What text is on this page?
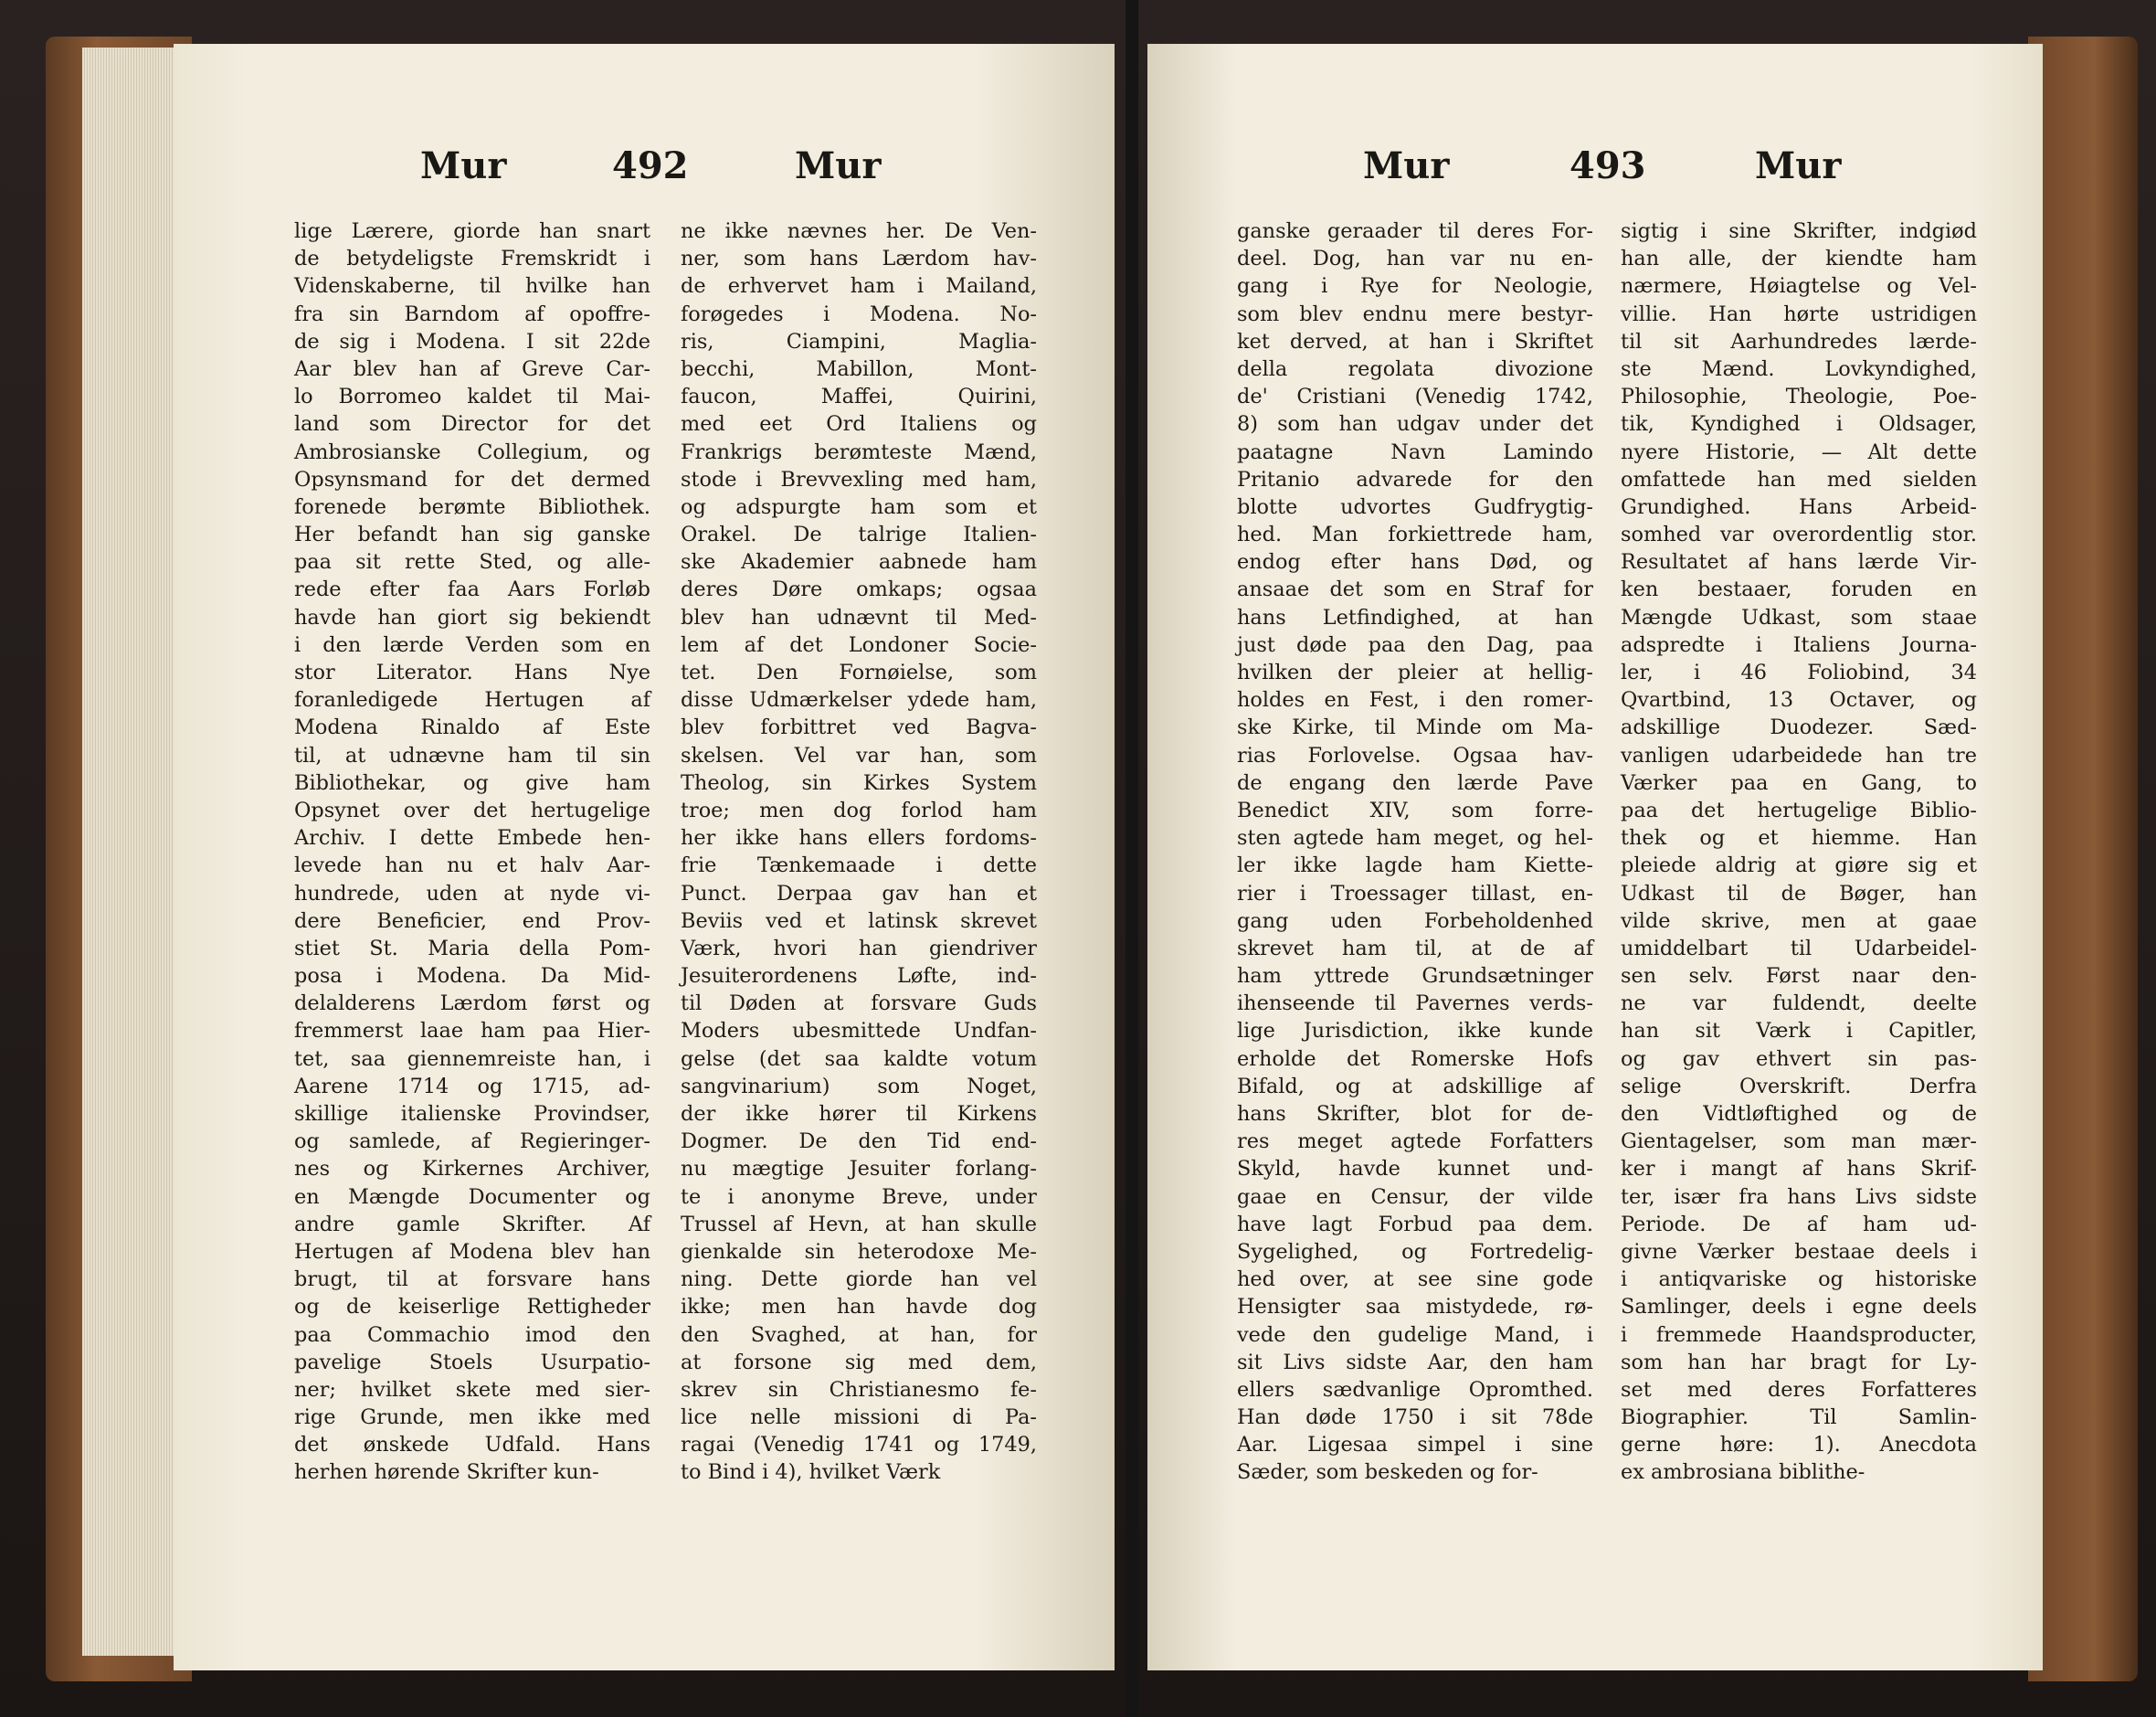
Mur	492	Mur
lige Lærere, giorde han snart
de betydeligste Fremskridt i
Videnskaberne, til hvilke han
fra sin Barndom af opoffre-
de sig i Modena. I sit 22de
Aar blev han af Greve Car-
lo Borromeo kaldet til Mai-
land som Director for det
Ambrosianske Collegium, og
Opsynsmand for det dermed
forenede berømte Bibliothek.
Her befandt han sig ganske
paa sit rette Sted, og alle-
rede efter faa Aars Forløb
havde han giort sig bekiendt
i den lærde Verden som en
stor Literator. Hans Nye
foranledigede Hertugen af
Modena Rinaldo af Este
til, at udnævne ham til sin
Bibliothekar, og give ham
Opsynet over det hertugelige
Archiv. I dette Embede hen-
levede han nu et halv Aar-
hundrede, uden at nyde vi-
dere Beneficier, end Prov-
stiet St. Maria della Pom-
posa i Modena. Da Mid-
delalderens Lærdom først og
fremmerst laae ham paa Hier-
tet, saa giennemreiste han, i
Aarene 1714 og 1715, ad-
skillige italienske Provindser,
og samlede, af Regieringer-
nes og Kirkernes Archiver,
en Mængde Documenter og
andre gamle Skrifter. Af
Hertugen af Modena blev han
brugt, til at forsvare hans
og de keiserlige Rettigheder
paa Commachio imod den
pavelige Stoels Usurpatio-
ner; hvilket skete med sier-
rige Grunde, men ikke med
det ønskede Udfald. Hans
herhen hørende Skrifter kun-
ne ikke nævnes her. De Ven-
ner, som hans Lærdom hav-
de erhvervet ham i Mailand,
forøgedes i Modena. No-
ris, Ciampini, Maglia-
becchi, Mabillon, Mont-
faucon, Maffei, Quirini,
med eet Ord Italiens og
Frankrigs berømteste Mænd,
stode i Brevvexling med ham,
og adspurgte ham som et
Orakel. De talrige Italien-
ske Akademier aabnede ham
deres Døre omkaps; ogsaa
blev han udnævnt til Med-
lem af det Londoner Socie-
tet. Den Fornøielse, som
disse Udmærkelser ydede ham,
blev forbittret ved Bagva-
skelsen. Vel var han, som
Theolog, sin Kirkes System
troe; men dog forlod ham
her ikke hans ellers fordoms-
frie Tænkemaade i dette
Punct. Derpaa gav han et
Beviis ved et latinsk skrevet
Værk, hvori han giendriver
Jesuiterordenens Løfte, ind-
til Døden at forsvare Guds
Moders ubesmittede Undfan-
gelse (det saa kaldte votum
sangvinarium) som Noget,
der ikke hører til Kirkens
Dogmer. De den Tid end-
nu mægtige Jesuiter forlang-
te i anonyme Breve, under
Trussel af Hevn, at han skulle
gienkalde sin heterodoxe Me-
ning. Dette giorde han vel
ikke; men han havde dog
den Svaghed, at han, for
at forsone sig med dem,
skrev sin Christianesmo fe-
lice nelle missioni di Pa-
ragai (Venedig 1741 og 1749,
to Bind i 4), hvilket Værk
Mur	493	Mur
ganske geraader til deres For-
deel. Dog, han var nu en-
gang i Rye for Neologie,
som blev endnu mere bestyr-
ket derved, at han i Skriftet
della regolata divozione
de' Cristiani (Venedig 1742,
8) som han udgav under det
paatagne Navn Lamindo
Pritanio advarede for den
blotte udvortes Gudfrygtig-
hed. Man forkiettrede ham,
endog efter hans Død, og
ansaae det som en Straf for
hans Letfindighed, at han
just døde paa den Dag, paa
hvilken der pleier at hellig-
holdes en Fest, i den romer-
ske Kirke, til Minde om Ma-
rias Forlovelse. Ogsaa hav-
de engang den lærde Pave
Benedict XIV, som forre-
sten agtede ham meget, og hel-
ler ikke lagde ham Kiette-
rier i Troessager tillast, en-
gang uden Forbeholdenhed
skrevet ham til, at de af
ham yttrede Grundsætninger
ihenseende til Pavernes verds-
lige Jurisdiction, ikke kunde
erholde det Romerske Hofs
Bifald, og at adskillige af
hans Skrifter, blot for de-
res meget agtede Forfatters
Skyld, havde kunnet und-
gaae en Censur, der vilde
have lagt Forbud paa dem.
Sygelighed, og Fortredelig-
hed over, at see sine gode
Hensigter saa mistydede, rø-
vede den gudelige Mand, i
sit Livs sidste Aar, den ham
ellers sædvanlige Opromthed.
Han døde 1750 i sit 78de
Aar. Ligesaa simpel i sine
Sæder, som beskeden og for-
sigtig i sine Skrifter, indgiød
han alle, der kiendte ham
nærmere, Høiagtelse og Vel-
villie. Han hørte ustridigen
til sit Aarhundredes lærde-
ste Mænd. Lovkyndighed,
Philosophie, Theologie, Poe-
tik, Kyndighed i Oldsager,
nyere Historie, — Alt dette
omfattede han med sielden
Grundighed. Hans Arbeid-
somhed var overordentlig stor.
Resultatet af hans lærde Vir-
ken bestaaer, foruden en
Mængde Udkast, som staae
adspredte i Italiens Journa-
ler, i 46 Foliobind, 34
Qvartbind, 13 Octaver, og
adskillige Duodezer. Sæd-
vanligen udarbeidede han tre
Værker paa en Gang, to
paa det hertugelige Biblio-
thek og et hiemme. Han
pleiede aldrig at giøre sig et
Udkast til de Bøger, han
vilde skrive, men at gaae
umiddelbart til Udarbeidel-
sen selv. Først naar den-
ne var fuldendt, deelte
han sit Værk i Capitler,
og gav ethvert sin pas-
selige Overskrift. Derfra
den Vidtløftighed og de
Gientagelser, som man mær-
ker i mangt af hans Skrif-
ter, især fra hans Livs sidste
Periode. De af ham ud-
givne Værker bestaae deels i
i antiqvariske og historiske
Samlinger, deels i egne deels
i fremmede Haandsproducter,
som han har bragt for Ly-
set med deres Forfatteres
Biographier. Til Samlin-
gerne høre: 1). Anecdota
ex ambrosiana biblithe-
